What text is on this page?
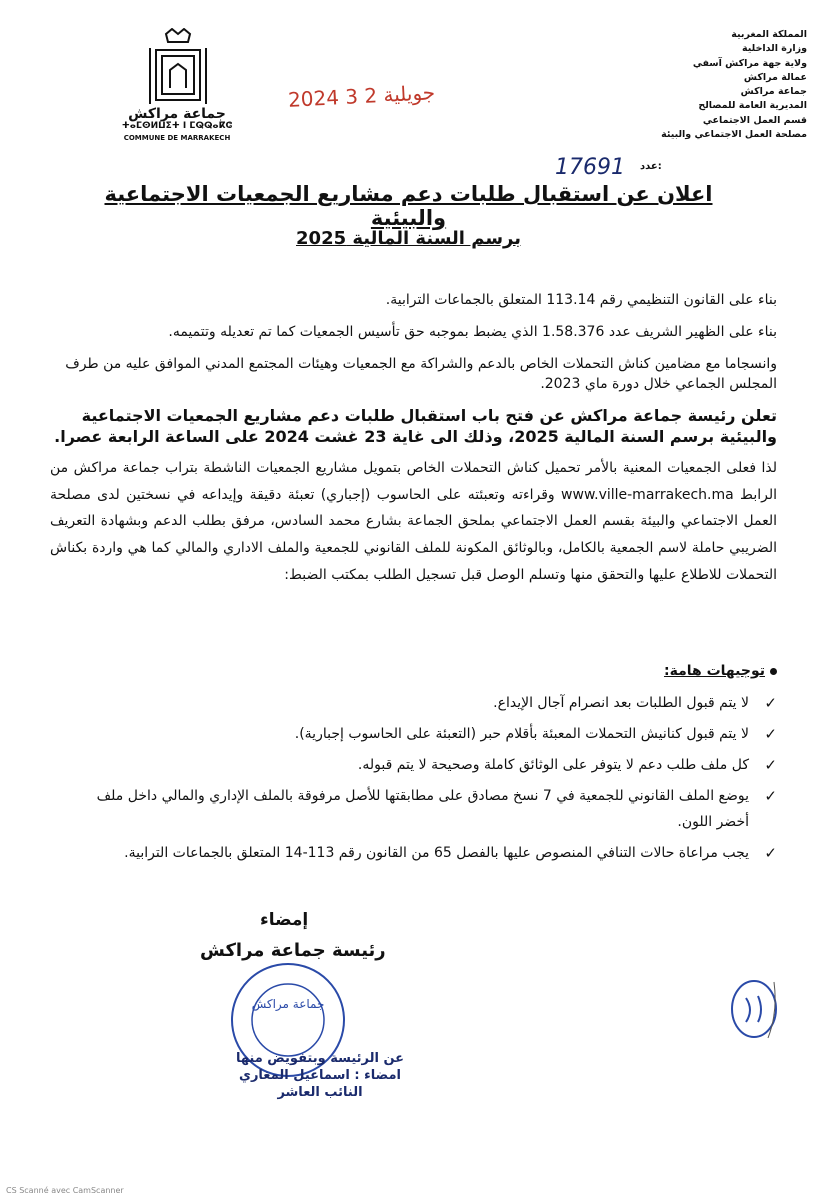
المملكة المغربية
وزارة الداخلية
ولاية جهة مراكش آسفي
عمالة مراكش
جماعة مراكش
المديرية العامة للمصالح
قسم العمل الاجتماعي
مصلحة العمل الاجتماعي والبيئة
عدد:
17691
جماعة مراكش
ⵜⴰⵎⵙⵍⵡⵉⵜ ⵏ ⵎⵕⵕⴰⴽⵛ
COMMUNE DE MARRAKECH
2024 جويلية 2 3
اعلان عن استقبال طلبات دعم مشاريع الجمعيات الاجتماعية والبيئية
برسم السنة المالية 2025
بناء على القانون التنظيمي رقم 113.14 المتعلق بالجماعات الترابية.
بناء على الظهير الشريف عدد 1.58.376 الذي يضبط بموجبه حق تأسيس الجمعيات كما تم تعديله وتتميمه.
وانسجاما مع مضامين كناش التحملات الخاص بالدعم والشراكة مع الجمعيات وهيئات المجتمع المدني الموافق عليه من طرف المجلس الجماعي خلال دورة ماي 2023.
تعلن رئيسة جماعة مراكش عن فتح باب استقبال طلبات دعم مشاريع الجمعيات الاجتماعية والبيئية برسم السنة المالية 2025، وذلك الى غاية 23 غشت 2024 على الساعة الرابعة عصرا.
لذا فعلى الجمعيات المعنية بالأمر تحميل كناش التحملات الخاص بتمويل مشاريع الجمعيات الناشطة بتراب جماعة مراكش من الرابط www.ville-marrakech.ma وقراءته وتعبئته على الحاسوب (إجباري) تعبئة دقيقة وإيداعه في نسختين لدى مصلحة العمل الاجتماعي والبيئة بقسم العمل الاجتماعي بملحق الجماعة بشارع محمد السادس، مرفق بطلب الدعم وبشهادة التعريف الضريبي حاملة لاسم الجمعية بالكامل، وبالوثائق المكونة للملف القانوني للجمعية والملف الاداري والمالي كما هي واردة بكناش التحملات للاطلاع عليها والتحقق منها وتسلم الوصل قبل تسجيل الطلب بمكتب الضبط:
توجيهات هامة:
✓
لا يتم قبول الطلبات بعد انصرام آجال الإيداع.
✓
لا يتم قبول كنانيش التحملات المعبئة بأقلام حبر (التعبئة على الحاسوب إجبارية).
✓
كل ملف طلب دعم لا يتوفر على الوثائق كاملة وصحيحة لا يتم قبوله.
✓
يوضع الملف القانوني للجمعية في 7 نسخ مصادق على مطابقتها للأصل مرفوقة بالملف الإداري والمالي داخل ملف أخضر اللون.
✓
يجب مراعاة حالات التنافي المنصوص عليها بالفصل 65 من القانون رقم 113-14 المتعلق بالجماعات الترابية.
إمضاء
رئيسة جماعة مراكش
جماعة مراكش
عن الرئيسة وبتفويض منها
امضاء : اسماعيل المغاري
النائب العاشر
CS Scanné avec CamScanner
